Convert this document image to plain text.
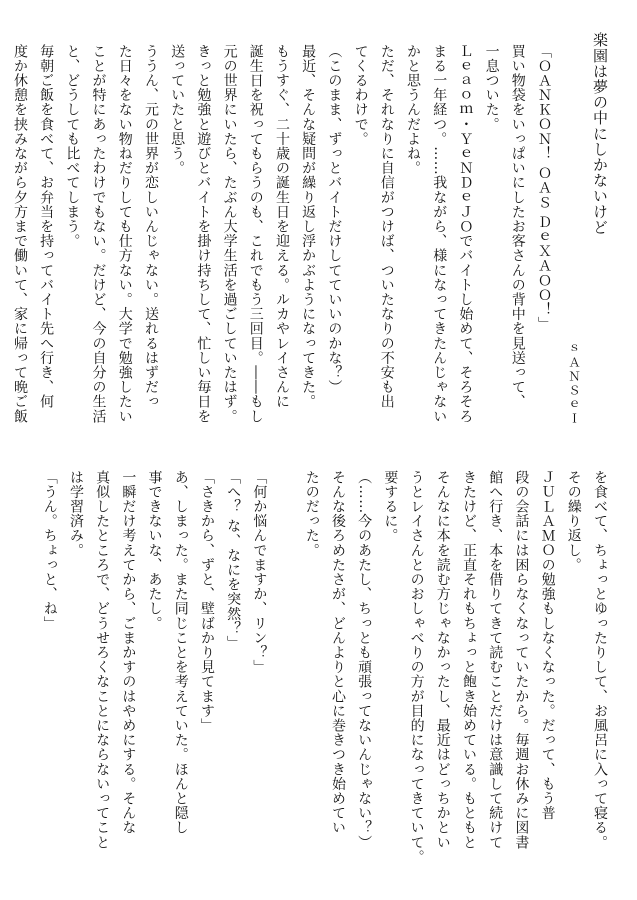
楽園は夢の中にしかないけど
ｓＡＮＳｅＩ
「ＯＡＮＫＯＮ！ ＯＡＳ ＤｅＸＡＯＯ！」
買い物袋をいっぱいにしたお客さんの背中を見送って、
一息ついた。
Ｌｅａｏｍ・ＹｅＮＤｅＪＯでバイトし始めて、そろそろ
まる一年経つ。……我ながら、様になってきたんじゃない
かと思うんだよね。
ただ、それなりに自信がつけば、ついたなりの不安も出
てくるわけで。
（このまま、ずっとバイトだけしてていいのかな？）
最近、そんな疑問が繰り返し浮かぶようになってきた。
もうすぐ、二十歳の誕生日を迎える。ルカやレイさんに
誕生日を祝ってもらうのも、これでもう三回目。――もし
元の世界にいたら、たぶん大学生活を過ごしていたはず。
きっと勉強と遊びとバイトを掛け持ちして、忙しい毎日を
送っていたと思う。
ううん、元の世界が恋しいんじゃない。送れるはずだっ
た日々をない物ねだりしても仕方ない。大学で勉強したい
ことが特にあったわけでもない。だけど、今の自分の生活
と、どうしても比べてしまう。
毎朝ご飯を食べて、お弁当を持ってバイト先へ行き、何
度か休憩を挟みながら夕方まで働いて、家に帰って晩ご飯
を食べて、ちょっとゆったりして、お風呂に入って寝る。
その繰り返し。
ＪＵＬＡＭＯの勉強もしなくなった。だって、もう普
段の会話には困らなくなっていたから。毎週お休みに図書
館へ行き、本を借りてきて読むことだけは意識して続けて
きたけど、正直それもちょっと飽き始めている。もともと
そんなに本を読む方じゃなかったし、最近はどっちかとい
うとレイさんとのおしゃべりの方が目的になってきていて。
要するに。
（……今のあたし、ちっとも頑張ってないんじゃない？）
そんな後ろめたさが、どんよりと心に巻きつき始めてい
たのだった。

「何か悩んでますか、リン？」
「へ？ な、なにを突然？」
「さきから、ずと、壁ばかり見てます」
あ、しまった。また同じことを考えていた。ほんと隠し
事できないな、あたし。
一瞬だけ考えてから、ごまかすのはやめにする。そんな
真似したところで、どうせろくなことにならないってこと
は学習済み。
「うん。ちょっと、ね」
